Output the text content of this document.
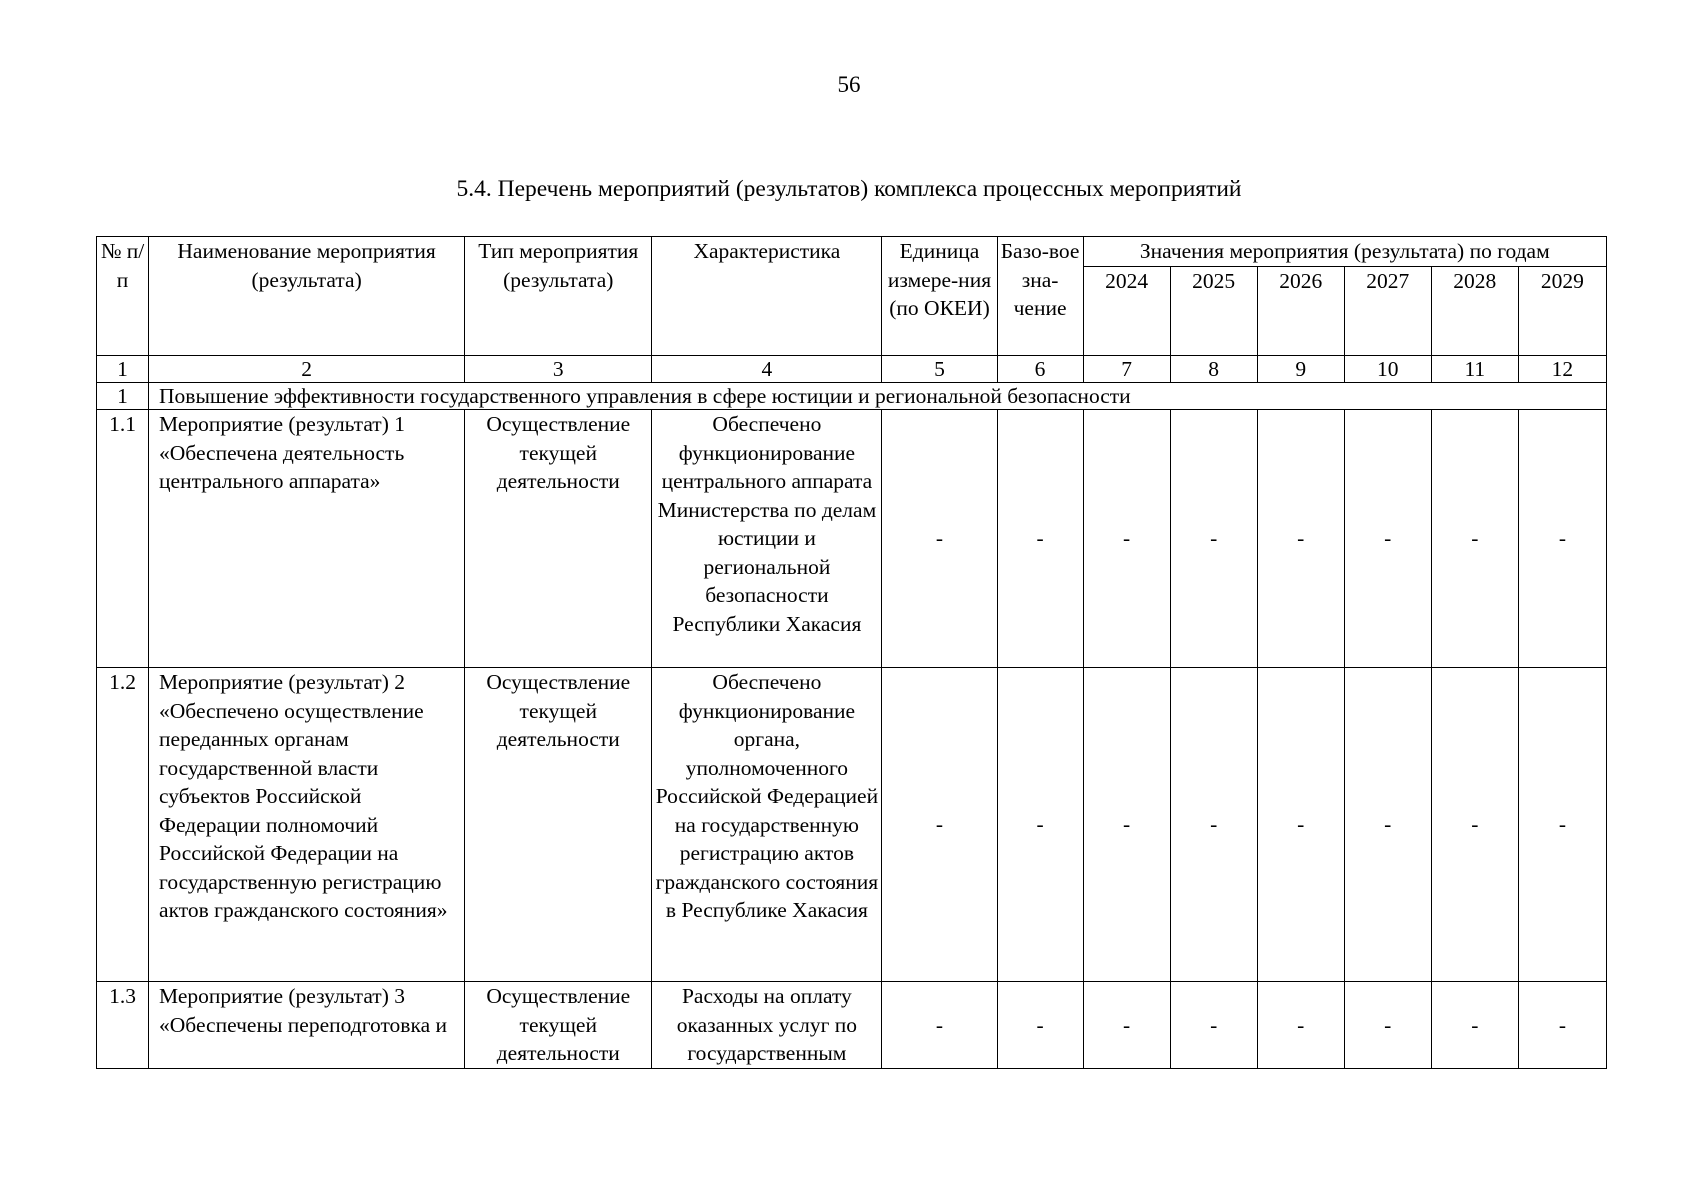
56
5.4. Перечень мероприятий (результатов) комплекса процессных мероприятий
№ п/п	Наименование мероприятия (результата)	Тип мероприятия (результата)	Характеристика	Единица измере-ния (по ОКЕИ)	Базо-вое зна-чение	Значения мероприятия (результата) по годам					
						2024	2025	2026	2027	2028	2029
1	2	3	4	5	6	7	8	9	10	11	12
1	Повышение эффективности государственного управления в сфере юстиции и региональной безопасности										
1.1	Мероприятие (результат) 1 «Обеспечена деятельность центрального аппарата»	Осуществление текущей деятельности	Обеспечено функционирование центрального аппарата Министерства по делам юстиции и региональной безопасности Республики Хакасия	-	-	-	-	-	-	-	-
1.2	Мероприятие (результат) 2 «Обеспечено осуществление переданных органам государственной власти субъектов Российской Федерации полномочий Российской Федерации на государственную регистрацию актов гражданского состояния»	Осуществление текущей деятельности	Обеспечено функционирование органа, уполномоченного Российской Федерацией на государственную регистрацию актов гражданского состояния в Республике Хакасия	-	-	-	-	-	-	-	-
1.3	Мероприятие (результат) 3 «Обеспечены переподготовка и	Осуществление текущей деятельности	Расходы на оплату оказанных услуг по государственным	-	-	-	-	-	-	-	-
